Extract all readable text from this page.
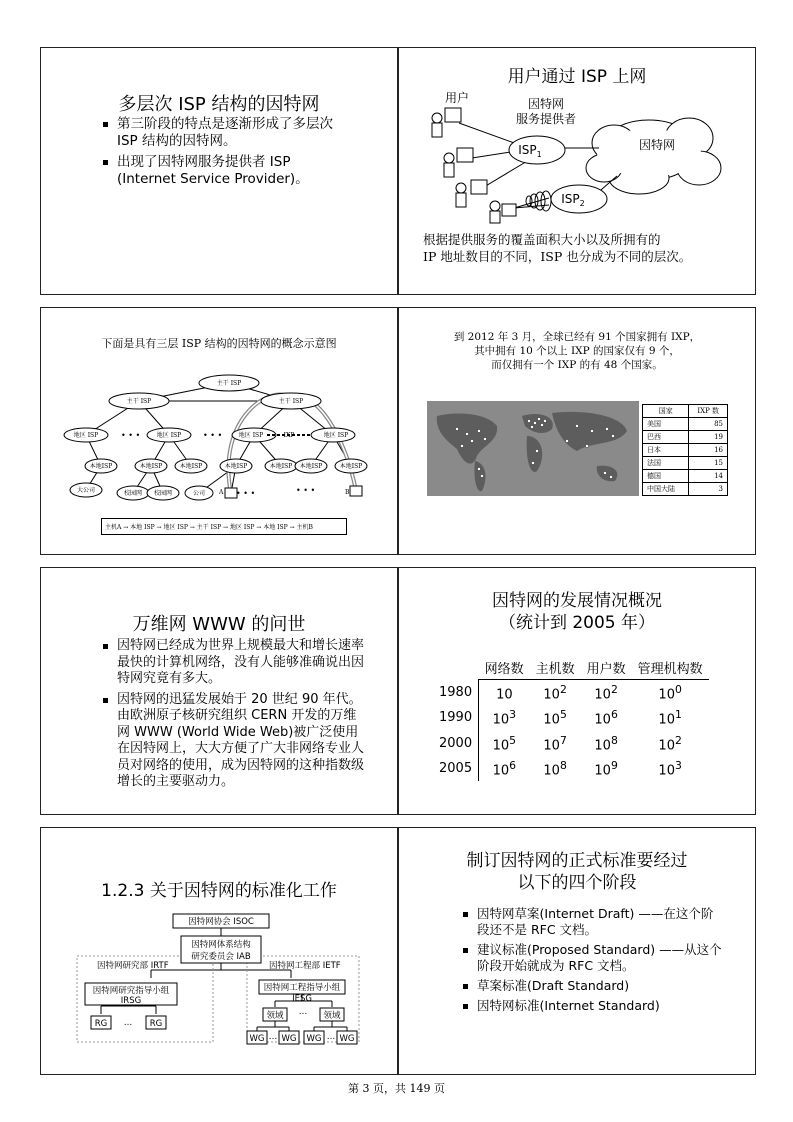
多层次 ISP 结构的因特网
第三阶段的特点是逐渐形成了多层次 ISP 结构的因特网。
出现了因特网服务提供者 ISP (Internet Service Provider)。
用户通过 ISP 上网
用户	因特网
服务提供者
$ISP_1$
$ISP_2$
因特网
根据提供服务的覆盖面积大小以及所拥有的
IP 地址数目的不同，ISP 也分成为不同的层次。
下面是具有三层 ISP 结构的因特网的概念示意图
主干 ISP
主干 ISP	主干 ISP
地区 ISP	地区 ISP	地区 ISP	地区 ISP
IXP
本地ISP	本地ISP	本地ISP	本地ISP	本地ISP 本地ISP	本地ISP
大公司	校园网 校园网	公司 A	B
• • •	• • •
• • •	• • •
主机A → 本地 ISP → 地区 ISP → 主干 ISP → 地区 ISP → 本地 ISP → 主机B
到 2012 年 3 月，全球已经有 91 个国家拥有 IXP，
其中拥有 10 个以上 IXP 的国家仅有 9 个，
而仅拥有一个 IXP 的有 48 个国家。
国家	IXP 数
美国	85
巴西	19
日本	16
法国	15
德国	14
中国大陆	3
万维网 WWW 的问世
因特网已经成为世界上规模最大和增长速率最快的计算机网络，没有人能够准确说出因特网究竟有多大。
因特网的迅猛发展始于 20 世纪 90 年代。由欧洲原子核研究组织 CERN 开发的万维网 WWW (World Wide Web)被广泛使用在因特网上，大大方便了广大非网络专业人员对网络的使用，成为因特网的这种指数级增长的主要驱动力。
因特网的发展情况概况
（统计到 2005 年）
	网络数	主机数	用户数	管理机构数
1980	10	$10^2$	$10^2$	$10^0$
1990	$10^3$	$10^5$	$10^6$	$10^1$
2000	$10^5$	$10^7$	$10^8$	$10^2$
2005	$10^6$	$10^8$	$10^9$	$10^3$
1.2.3 关于因特网的标准化工作
因特网协会 ISOC
因特网体系结构
研究委员会 IAB
因特网研究部 IRTF	因特网工程部 IETF
因特网研究指导小组
IRSG
因特网工程指导小组
IESG
RG	RG
…
领域	领域
…
WG WG WG WG
…	…
制订因特网的正式标准要经过
以下的四个阶段
因特网草案(Internet Draft) ——在这个阶段还不是 RFC 文档。
建议标准(Proposed Standard) ——从这个阶段开始就成为 RFC 文档。
草案标准(Draft Standard)
因特网标准(Internet Standard)
第 3 页，共 149 页
